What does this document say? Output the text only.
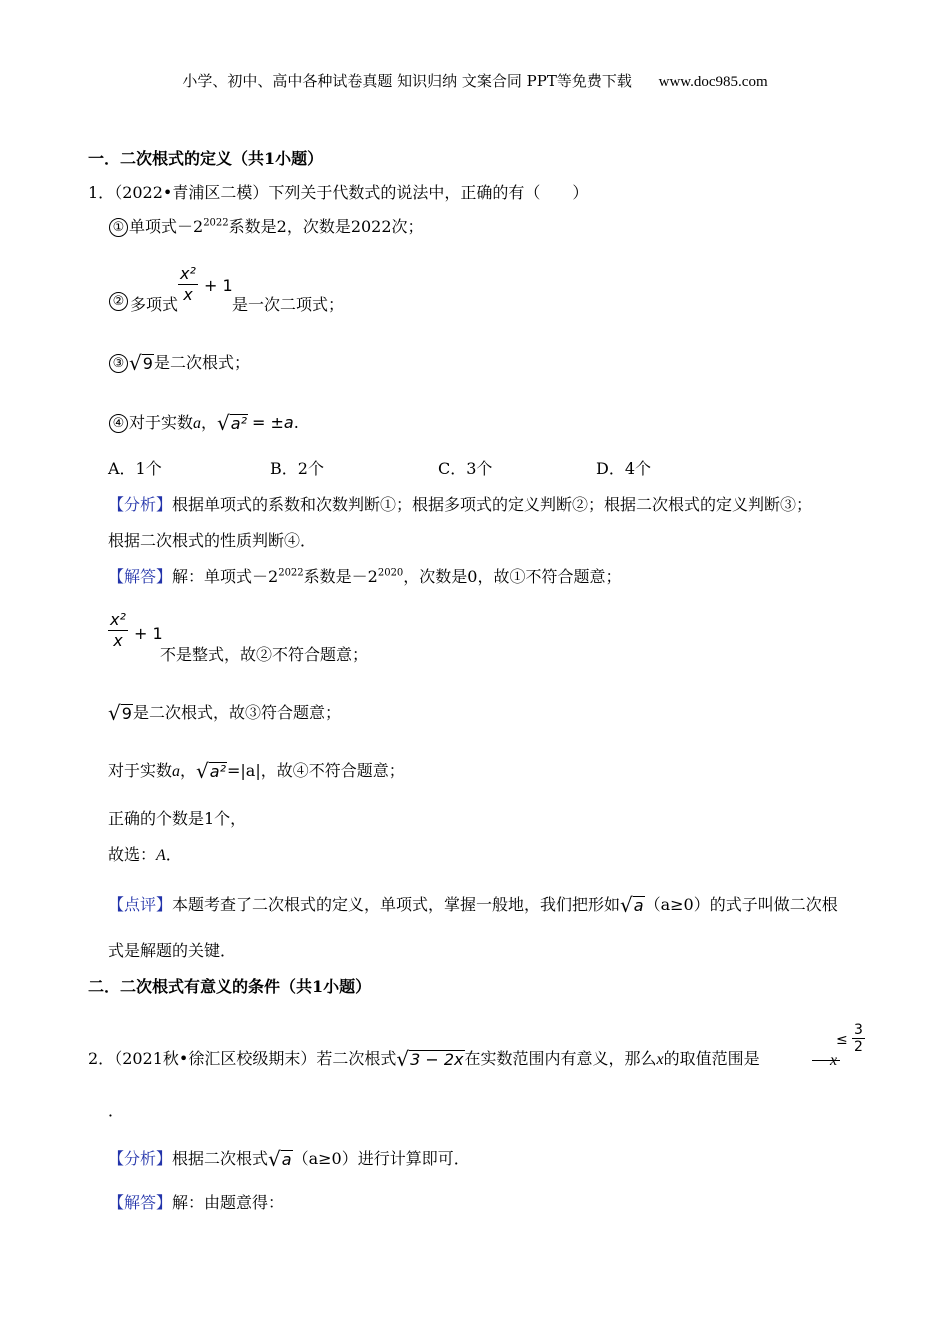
小学、初中、高中各种试卷真题 知识归纳 文案合同 PPT等免费下载 www.doc985.com
一．二次根式的定义（共1小题）
1．（2022•青浦区二模）下列关于代数式的说法中，正确的有（　　）
① 单项式$-2^{2022}$系数是2，次数是2022次；
② 多项式 $\frac{\text{x²}}{x} + 1$
是一次二项式；
③ √ 9 是二次根式；
④ 对于实数a， √ a² = ±a.
A．1个	B．2个	C．3个	D．4个
【分析】根据单项式的系数和次数判断①；根据多项式的定义判断②；根据二次根式的定义判断③；
根据二次根式的性质判断④．
【解答】解：单项式$-2^{2022}$系数是$-2^{2020}$，次数是0，故①不符合题意；
$\frac{\text{x²}}{x} + 1$
不是整式，故②不符合题意；
√ 9 是二次根式，故③符合题意；
对于实数a， √ a² =|a|，故④不符合题意；
正确的个数是1个，
故选：A．
【点评】本题考查了二次根式的定义，单项式，掌握一般地，我们把形如 √ a （a≥0）的式子叫做二次根
式是解题的关键．
二．二次根式有意义的条件（共1小题）
2．（2021秋•徐汇区校级期末）若二次根式 √ 3 − 2x 在实数范围内有意义，那么x的取值范围是	x
≤ $\frac{3}{2}$
．
【分析】根据二次根式 √ a （a≥0）进行计算即可．
【解答】解：由题意得：
